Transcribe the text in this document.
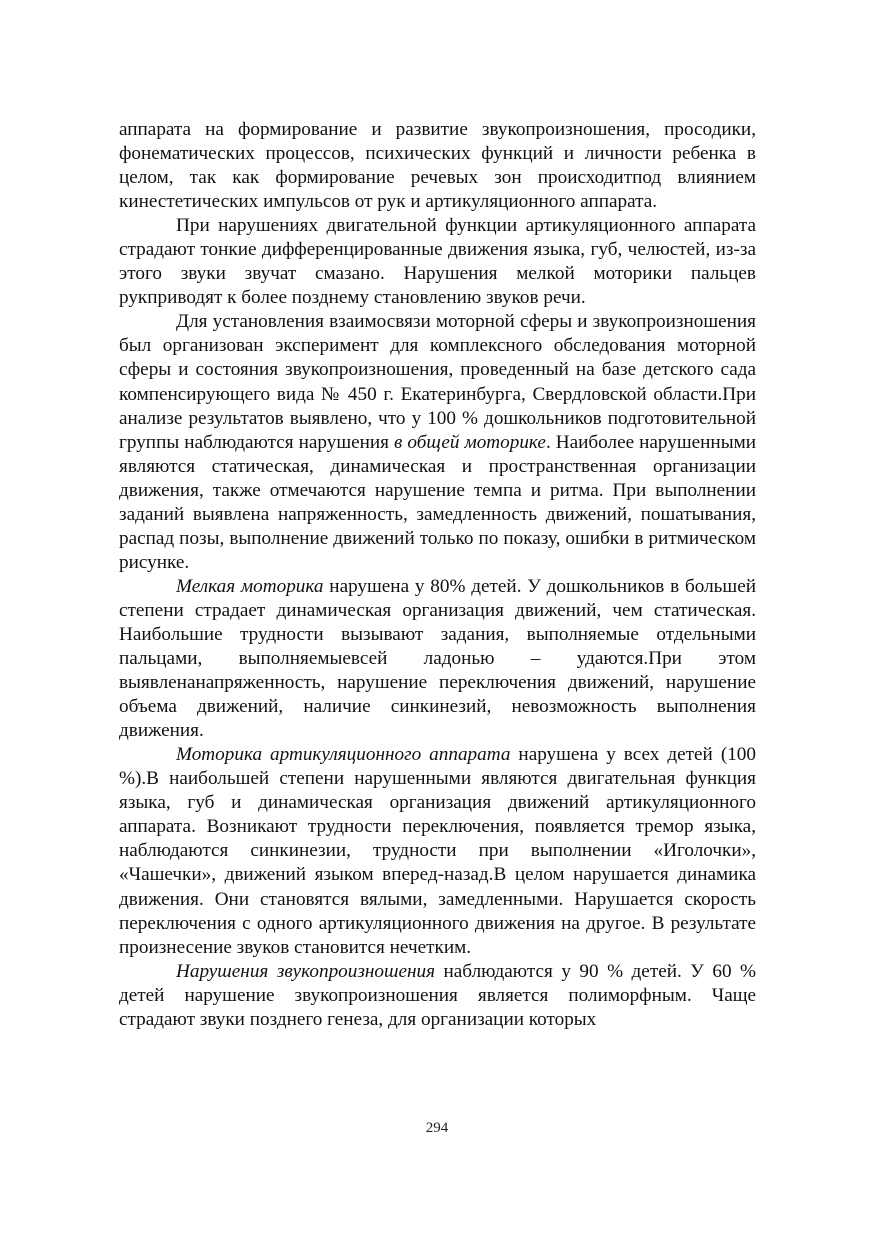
аппарата на формирование и развитие звукопроизношения, просодики, фонематических процессов, психических функций и личности ребенка в целом, так как формирование речевых зон происходитпод влиянием кинестетических импульсов от рук и артикуляционного аппарата.

При нарушениях двигательной функции артикуляционного аппарата страдают тонкие дифференцированные движения языка, губ, челюстей, из-за этого звуки звучат смазано. Нарушения мелкой моторики пальцев рукприводят к более позднему становлению звуков речи.

Для установления взаимосвязи моторной сферы и звукопроизношения был организован эксперимент для комплексного обследования моторной сферы и состояния звукопроизношения, проведенный на базе детского сада компенсирующего вида № 450 г. Екатеринбурга, Свердловской области.При анализе результатов выявлено, что у 100 % дошкольников подготовительной группы наблюдаются нарушения в общей моторике. Наиболее нарушенными являются статическая, динамическая и пространственная организации движения, также отмечаются нарушение темпа и ритма. При выполнении заданий выявлена напряженность, замедленность движений, пошатывания, распад позы, выполнение движений только по показу, ошибки в ритмическом рисунке.

Мелкая моторика нарушена у 80% детей. У дошкольников в большей степени страдает динамическая организация движений, чем статическая. Наибольшие трудности вызывают задания, выполняемые отдельными пальцами, выполняемыевсей ладонью – удаются.При этом выявленанапряженность, нарушение переключения движений, нарушение объема движений, наличие синкинезий, невозможность выполнения движения.

Моторика артикуляционного аппарата нарушена у всех детей (100 %).В наибольшей степени нарушенными являются двигательная функция языка, губ и динамическая организация движений артикуляционного аппарата. Возникают трудности переключения, появляется тремор языка, наблюдаются синкинезии, трудности при выполнении «Иголочки», «Чашечки», движений языком вперед-назад.В целом нарушается динамика движения. Они становятся вялыми, замедленными. Нарушается скорость переключения с одного артикуляционного движения на другое. В результате произнесение звуков становится нечетким.

Нарушения звукопроизношения наблюдаются у 90 % детей. У 60 % детей нарушение звукопроизношения является полиморфным. Чаще страдают звуки позднего генеза, для организации которых

294
